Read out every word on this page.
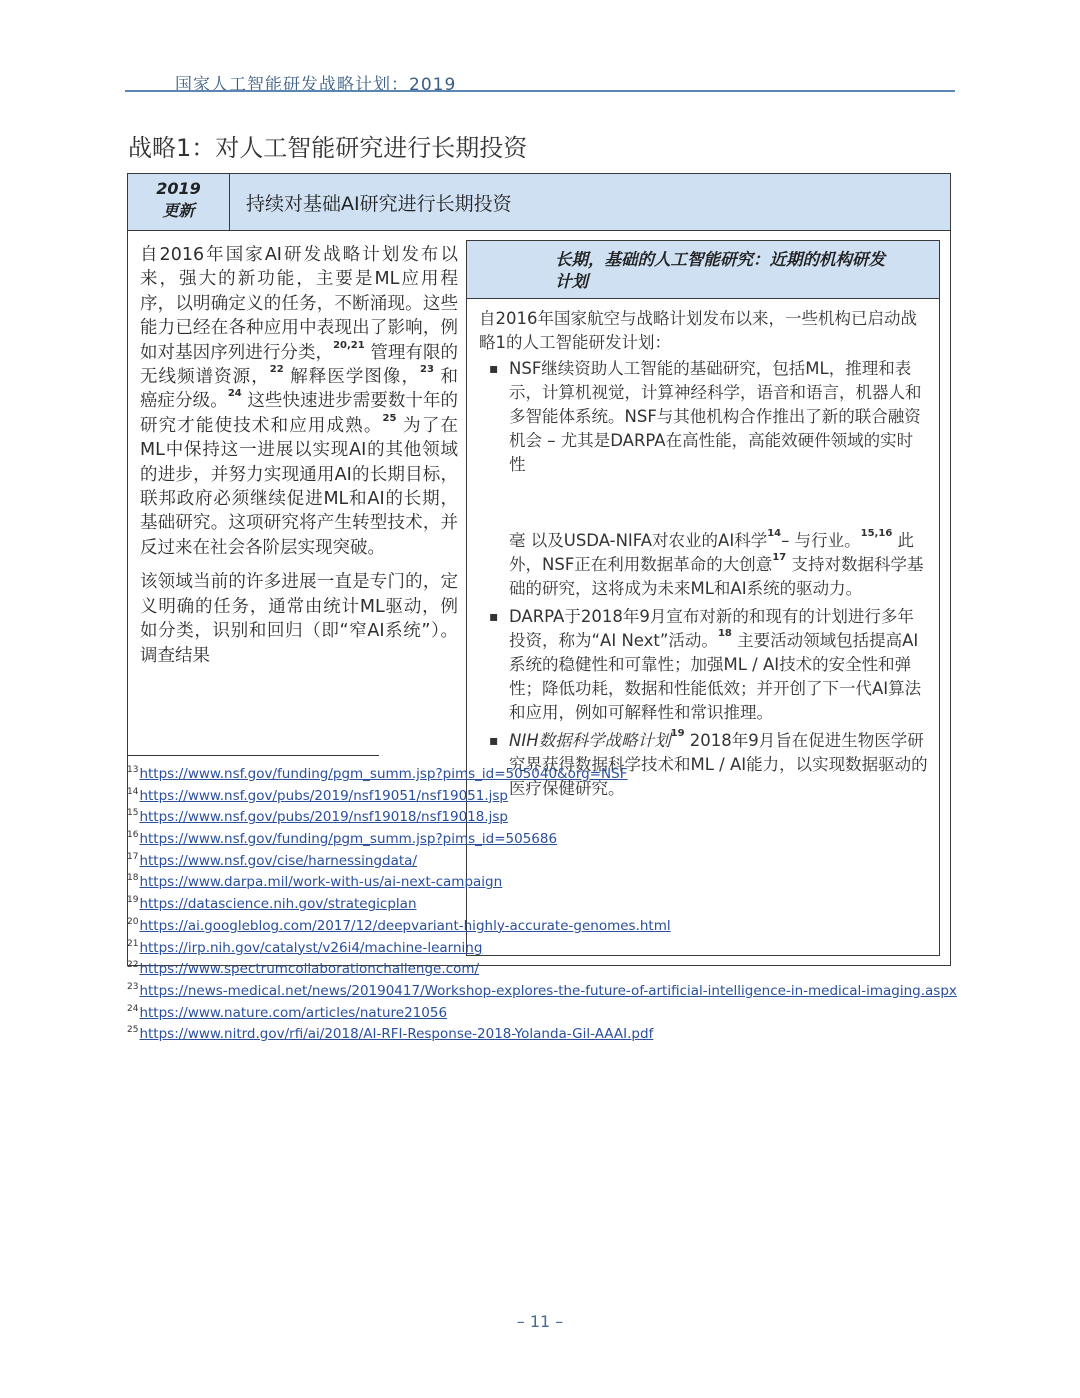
国家人工智能研发战略计划：2019
战略1：对人工智能研究进行长期投资
2019
更新	持续对基础AI研究进行长期投资

自2016年国家AI研发战略计划发布以来，强大的新功能，主要是ML应用程序，以明确定义的任务，不断涌现。这些能力已经在各种应用中表现出了影响，例如对基因序列进行分类，$^{20,21}$ 管理有限的无线频谱资源，$^{22}$ 解释医学图像，$^{23}$ 和癌症分级。$^{24}$ 这些快速进步需要数十年的研究才能使技术和应用成熟。$^{25}$ 为了在ML中保持这一进展以实现AI的其他领域的进步，并努力实现通用AI的长期目标，联邦政府必须继续促进ML和AI的长期，基础研究。这项研究将产生转型技术，并反过来在社会各阶层实现突破。

该领域当前的许多进展一直是专门的，定义明确的任务，通常由统计ML驱动，例如分类，识别和回归（即“窄AI系统”）。调查结果

长期，基础的人工智能研究：近期的机构研发计划
自2016年国家航空与战略计划发布以来，一些机构已启动战略1的人工智能研发计划：
▪ NSF继续资助人工智能的基础研究，包括ML，推理和表示，计算机视觉，计算神经科学，语音和语言，机器人和多智能体系统。NSF与其他机构合作推出了新的联合融资机会 – 尤其是DARPA在高性能，高能效硬件领域的实时性
毫 以及USDA-NIFA对农业的AI科学$^{14}$– 与行业。$^{15,16}$ 此外，NSF正在利用数据革命的大创意$^{17}$ 支持对数据科学基础的研究，这将成为未来ML和AI系统的驱动力。
▪ DARPA于2018年9月宣布对新的和现有的计划进行多年投资，称为“AI Next”活动。$^{18}$ 主要活动领域包括提高AI系统的稳健性和可靠性；加强ML / AI技术的安全性和弹性；降低功耗，数据和性能低效；并开创了下一代AI算法和应用，例如可解释性和常识推理。
▪ NIH数据科学战略计划$^{19}$ 2018年9月旨在促进生物医学研究界获得数据科学技术和ML / AI能力，以实现数据驱动的医疗保健研究。
$^{13}$https://www.nsf.gov/funding/pgm_summ.jsp?pims_id=505040&org=NSF
$^{14}$https://www.nsf.gov/pubs/2019/nsf19051/nsf19051.jsp
$^{15}$https://www.nsf.gov/pubs/2019/nsf19018/nsf19018.jsp
$^{16}$https://www.nsf.gov/funding/pgm_summ.jsp?pims_id=505686
$^{17}$https://www.nsf.gov/cise/harnessingdata/
$^{18}$https://www.darpa.mil/work-with-us/ai-next-campaign
$^{19}$https://datascience.nih.gov/strategicplan
$^{20}$https://ai.googleblog.com/2017/12/deepvariant-highly-accurate-genomes.html
$^{21}$https://irp.nih.gov/catalyst/v26i4/machine-learning
$^{22}$https://www.spectrumcollaborationchallenge.com/
$^{23}$https://news-medical.net/news/20190417/Workshop-explores-the-future-of-artificial-intelligence-in-medical-imaging.aspx
$^{24}$https://www.nature.com/articles/nature21056
$^{25}$https://www.nitrd.gov/rfi/ai/2018/AI-RFI-Response-2018-Yolanda-Gil-AAAI.pdf
– 11 –
